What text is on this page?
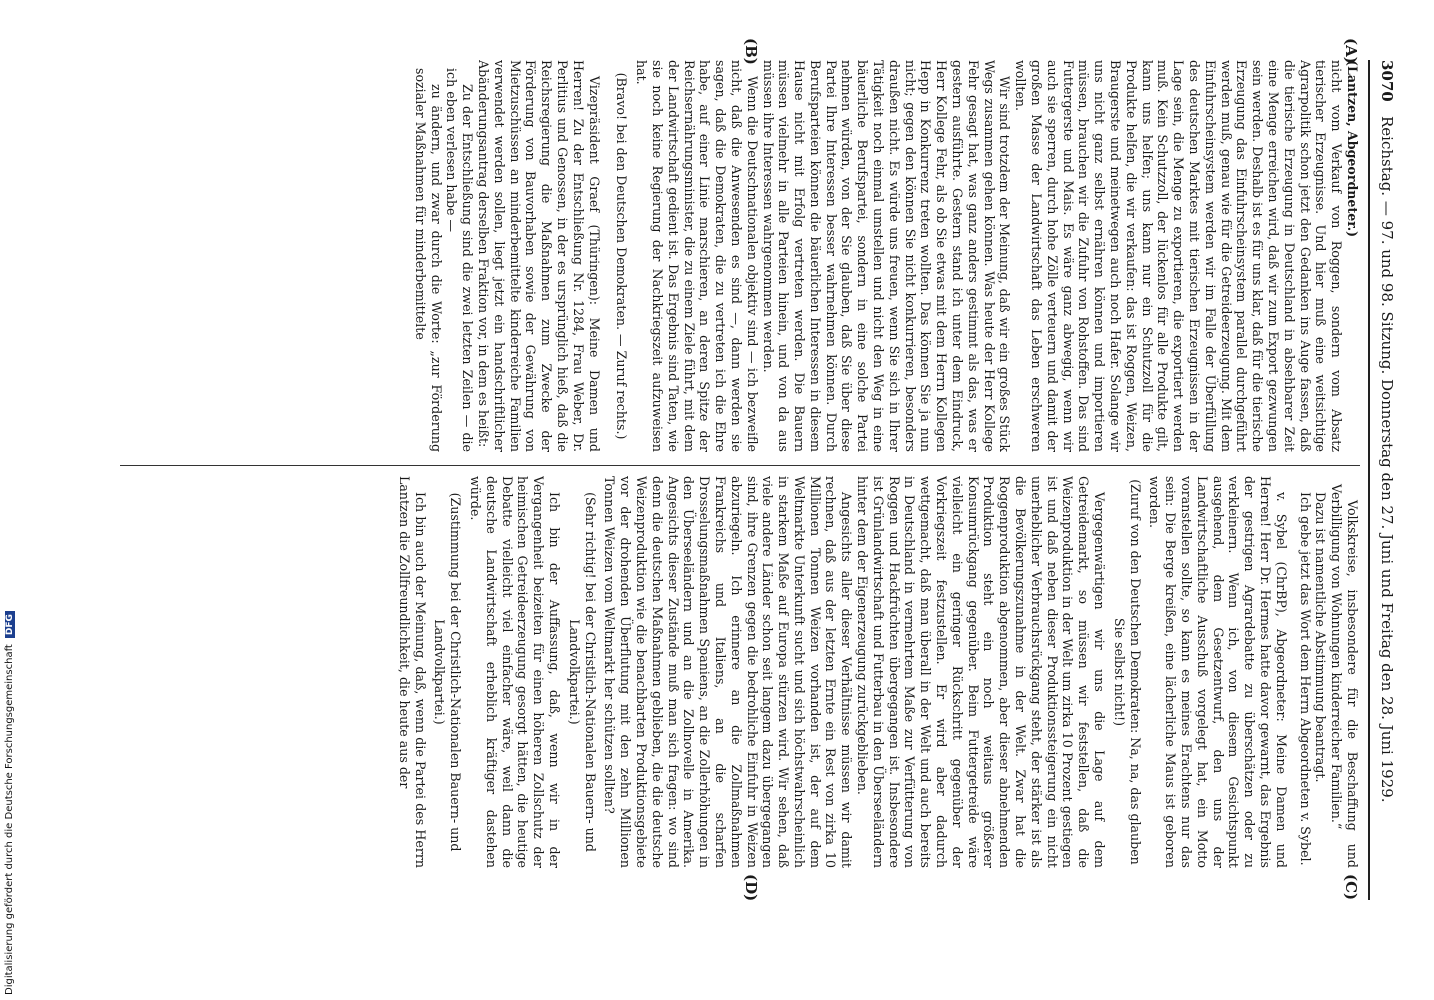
Digitalisierung gefördert durch die Deutsche ForschungsgemeinschaftDFG
3070
Reichstag. — 97. und 98. Sitzung. Donnerstag den 27. Juni und Freitag den 28. Juni 1929.
(A)
(B)
(C)
(D)

(Lantzen, Abgeordneter.)

nicht vom Verkauf von Roggen, sondern vom Absatz tierischer Erzeugnisse. Und hier muß eine weitsichtige Agrarpolitik schon jetzt den Gedanken ins Auge fassen, daß die tierische Erzeugung in Deutschland in absehbarer Zeit eine Menge erreichen wird, daß wir zum Export gezwungen sein werden. Deshalb ist es für uns klar, daß für die tierische Erzeugung das Einfuhrscheinsystem parallel durchgeführt werden muß, genau wie für die Getreideerzeugung. Mit dem Einfuhrscheinsystem werden wir im Falle der Überfüllung des deutschen Marktes mit tierischen Erzeugnissen in der Lage sein, die Menge zu exportieren, die exportiert werden muß. Kein Schutzzoll, der lückenlos für alle Produkte gilt, kann uns helfen; uns kann nur ein Schutzzoll für die Produkte helfen, die wir verkaufen: das ist Roggen, Weizen, Braugerste und meinetwegen auch noch Hafer. Solange wir uns nicht ganz selbst ernähren können und importieren müssen, brauchen wir die Zufuhr von Rohstoffen. Das sind Futtergerste und Mais. Es wäre ganz abwegig, wenn wir auch sie sperren, durch hohe Zölle verteuern und damit der großen Masse der Landwirtschaft das Leben erschweren wollten.

Wir sind trotzdem der Meinung, daß wir ein großes Stück Wegs zusammen gehen können. Was heute der Herr Kollege Fehr gesagt hat, was ganz anders gestimmt als das, was er gestern ausführte. Gestern stand ich unter dem Eindruck, Herr Kollege Fehr, als ob Sie etwas mit dem Herrn Kollegen Hepp in Konkurrenz treten wollten. Das können Sie ja nun nicht; gegen den können Sie nicht konkurrieren, besonders draußen nicht. Es würde uns freuen, wenn Sie sich in Ihrer Tätigkeit noch einmal umstellen und nicht den Weg in eine bäuerliche Berufspartei, sondern in eine solche Partei nehmen würden, von der Sie glauben, daß Sie über diese Partei Ihre Interessen besser wahrnehmen können. Durch Berufsparteien können die bäuerlichen Interessen in diesem Hause nicht mit Erfolg vertreten werden. Die Bauern müssen vielmehr in alle Parteien hinein, und von da aus müssen ihre Interessen wahrgenommen werden.

Wenn die Deutschnationalen objektiv sind — ich bezweifle nicht, daß die Anwesenden es sind —, dann werden sie sagen, daß die Demokraten, die zu vertreten ich die Ehre habe, auf einer Linie marschieren, an deren Spitze der Reichsernährungsminister, die zu einem Ziele führt, mit dem der Landwirtschaft gedient ist. Das Ergebnis sind Taten, wie sie noch keine Regierung der Nachkriegszeit aufzuweisen hat.

(Bravo! bei den Deutschen Demokraten. — Zuruf rechts.)

Vizepräsident Graef (Thüringen): Meine Damen und Herren! Zu der Entschließung Nr. 1284, Frau Weber, Dr. Perlitius und Genossen, in der es ursprünglich hieß, daß die Reichsregierung die Maßnahmen zum Zwecke der Förderung von Bauvorhaben sowie der Gewährung von Mietzuschüssen an minderbemittelte kinderreiche Familien verwendet werden sollen, liegt jetzt ein handschriftlicher Abänderungsantrag derselben Fraktion vor, in dem es heißt:

Zu der Entschließung sind die zwei letzten Zeilen — die ich eben verlesen habe —

zu ändern, und zwar durch die Worte: „zur Förderung sozialer Maßnahmen für minderbemittelte

Volkskreise, insbesondere für die Beschaffung und Verbilligung von Wohnungen kinderreicher Familien.“

Dazu ist namentliche Abstimmung beantragt.

Ich gebe jetzt das Wort dem Herrn Abgeordneten v. Sybel.

v. Sybel (ChrBP), Abgeordneter: Meine Damen und Herren! Herr Dr. Hermes hatte davor gewarnt, das Ergebnis der gestrigen Agrardebatte zu überschätzen oder zu verkleinern. Wenn ich, von diesem Gesichtspunkt ausgehend, dem Gesetzentwurf, den uns der Landwirtschaftliche Ausschuß vorgelegt hat, ein Motto voranstellen sollte, so kann es meines Erachtens nur das sein: Die Berge kreißen, eine lächerliche Maus ist geboren worden.

(Zuruf von den Deutschen Demokraten: Na, na, das glauben Sie selbst nicht!)

Vergegenwärtigen wir uns die Lage auf dem Getreidemarkt, so müssen wir feststellen, daß die Weizenproduktion in der Welt um zirka 10 Prozent gestiegen ist und daß neben dieser Produktionssteigerung ein nicht unerheblicher Verbrauchsrückgang steht, der stärker ist als die Bevölkerungszunahme in der Welt. Zwar hat die Roggenproduktion abgenommen, aber dieser abnehmenden Produktion steht ein noch weitaus größerer Konsumrückgang gegenüber. Beim Futtergetreide wäre vielleicht ein geringer Rückschritt gegenüber der Vorkriegszeit festzustellen. Er wird aber dadurch wettgemacht, daß man überall in der Welt und auch bereits in Deutschland in vermehrtem Maße zur Verfütterung von Roggen und Hackfrüchten übergegangen ist. Insbesondere ist Grünlandwirtschaft und Futterbau in den Überseeländern hinter dem der Eigenerzeugung zurückgeblieben.

Angesichts aller dieser Verhältnisse müssen wir damit rechnen, daß aus der letzten Ernte ein Rest von zirka 10 Millionen Tonnen Weizen vorhanden ist, der auf dem Weltmarkte Unterkunft sucht und sich höchstwahrscheinlich in starkem Maße auf Europa stürzen wird. Wir sehen, daß viele andere Länder schon seit langem dazu übergegangen sind, ihre Grenzen gegen die bedrohliche Einfuhr in Weizen abzuriegeln. Ich erinnere an die Zollmaßnahmen Frankreichs und Italiens, an die scharfen Drosselungsmaßnahmen Spaniens, an die Zollerhöhungen in den Überseeländern und an die Zollnovelle in Amerika. Angesichts dieser Zustände muß man sich fragen: wo sind denn die deutschen Maßnahmen geblieben, die die deutsche Weizenproduktion wie die benachbarten Produktionsgebiete vor der drohenden Überflutung mit den zehn Millionen Tonnen Weizen vom Weltmarkt her schützen sollten?

(Sehr richtig! bei der Christlich-Nationalen Bauern- und Landvolkpartei.)

Ich bin der Auffassung, daß, wenn wir in der Vergangenheit beizeiten für einen höheren Zollschutz der heimischen Getreideerzeugung gesorgt hätten, die heutige Debatte vielleicht viel einfacher wäre, weil dann die deutsche Landwirtschaft erheblich kräftiger dastehen würde.

(Zustimmung bei der Christlich-Nationalen Bauern- und Landvolkpartei.)

Ich bin auch der Meinung, daß, wenn die Partei des Herrn Lantzen die Zollfreundlichkeit, die heute aus der
